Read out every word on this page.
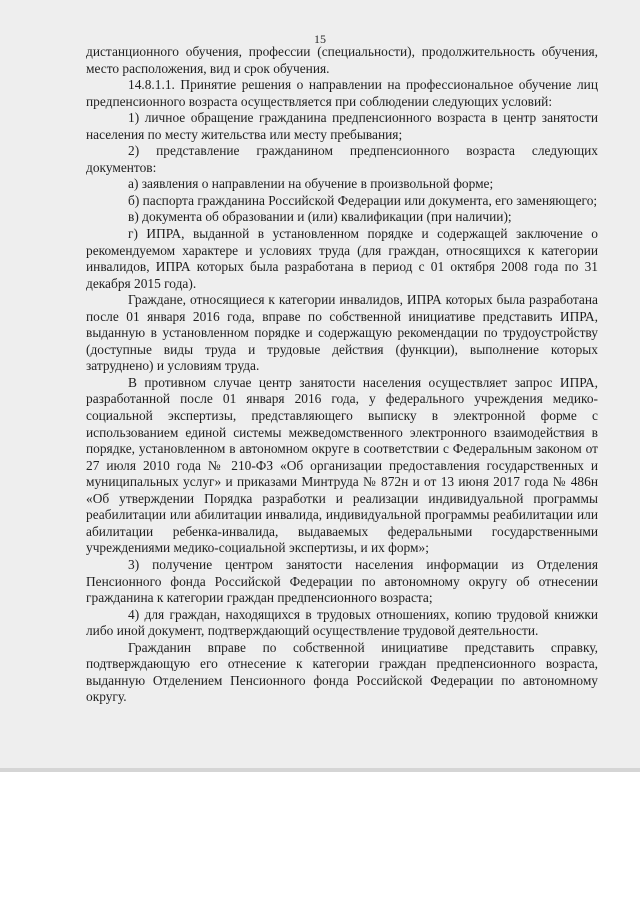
15

дистанционного обучения, профессии (специальности), продолжительность обучения, место расположения, вид и срок обучения.

14.8.1.1. Принятие решения о направлении на профессиональное обучение лиц предпенсионного возраста осуществляется при соблюдении следующих условий:

1) личное обращение гражданина предпенсионного возраста в центр занятости населения по месту жительства или месту пребывания;

2) представление гражданином предпенсионного возраста следующих документов:

а) заявления о направлении на обучение в произвольной форме;

б) паспорта гражданина Российской Федерации или документа, его заменяющего;

в) документа об образовании и (или) квалификации (при наличии);

г) ИПРА, выданной в установленном порядке и содержащей заключение о рекомендуемом характере и условиях труда (для граждан, относящихся к категории инвалидов, ИПРА которых была разработана в период с 01 октября 2008 года по 31 декабря 2015 года).

Граждане, относящиеся к категории инвалидов, ИПРА которых была разработана после 01 января 2016 года, вправе по собственной инициативе представить ИПРА, выданную в установленном порядке и содержащую рекомендации по трудоустройству (доступные виды труда и трудовые действия (функции), выполнение которых затруднено) и условиям труда.

В противном случае центр занятости населения осуществляет запрос ИПРА, разработанной после 01 января 2016 года, у федерального учреждения медико-социальной экспертизы, представляющего выписку в электронной форме с использованием единой системы межведомственного электронного взаимодействия в порядке, установленном в автономном округе в соответствии с Федеральным законом от 27 июля 2010 года № 210-ФЗ «Об организации предоставления государственных и муниципальных услуг» и приказами Минтруда № 872н и от 13 июня 2017 года № 486н «Об утверждении Порядка разработки и реализации индивидуальной программы реабилитации или абилитации инвалида, индивидуальной программы реабилитации или абилитации ребенка-инвалида, выдаваемых федеральными государственными учреждениями медико-социальной экспертизы, и их форм»;

3) получение центром занятости населения информации из Отделения Пенсионного фонда Российской Федерации по автономному округу об отнесении гражданина к категории граждан предпенсионного возраста;

4) для граждан, находящихся в трудовых отношениях, копию трудовой книжки либо иной документ, подтверждающий осуществление трудовой деятельности.

Гражданин вправе по собственной инициативе представить справку, подтверждающую его отнесение к категории граждан предпенсионного возраста, выданную Отделением Пенсионного фонда Российской Федерации по автономному округу.
